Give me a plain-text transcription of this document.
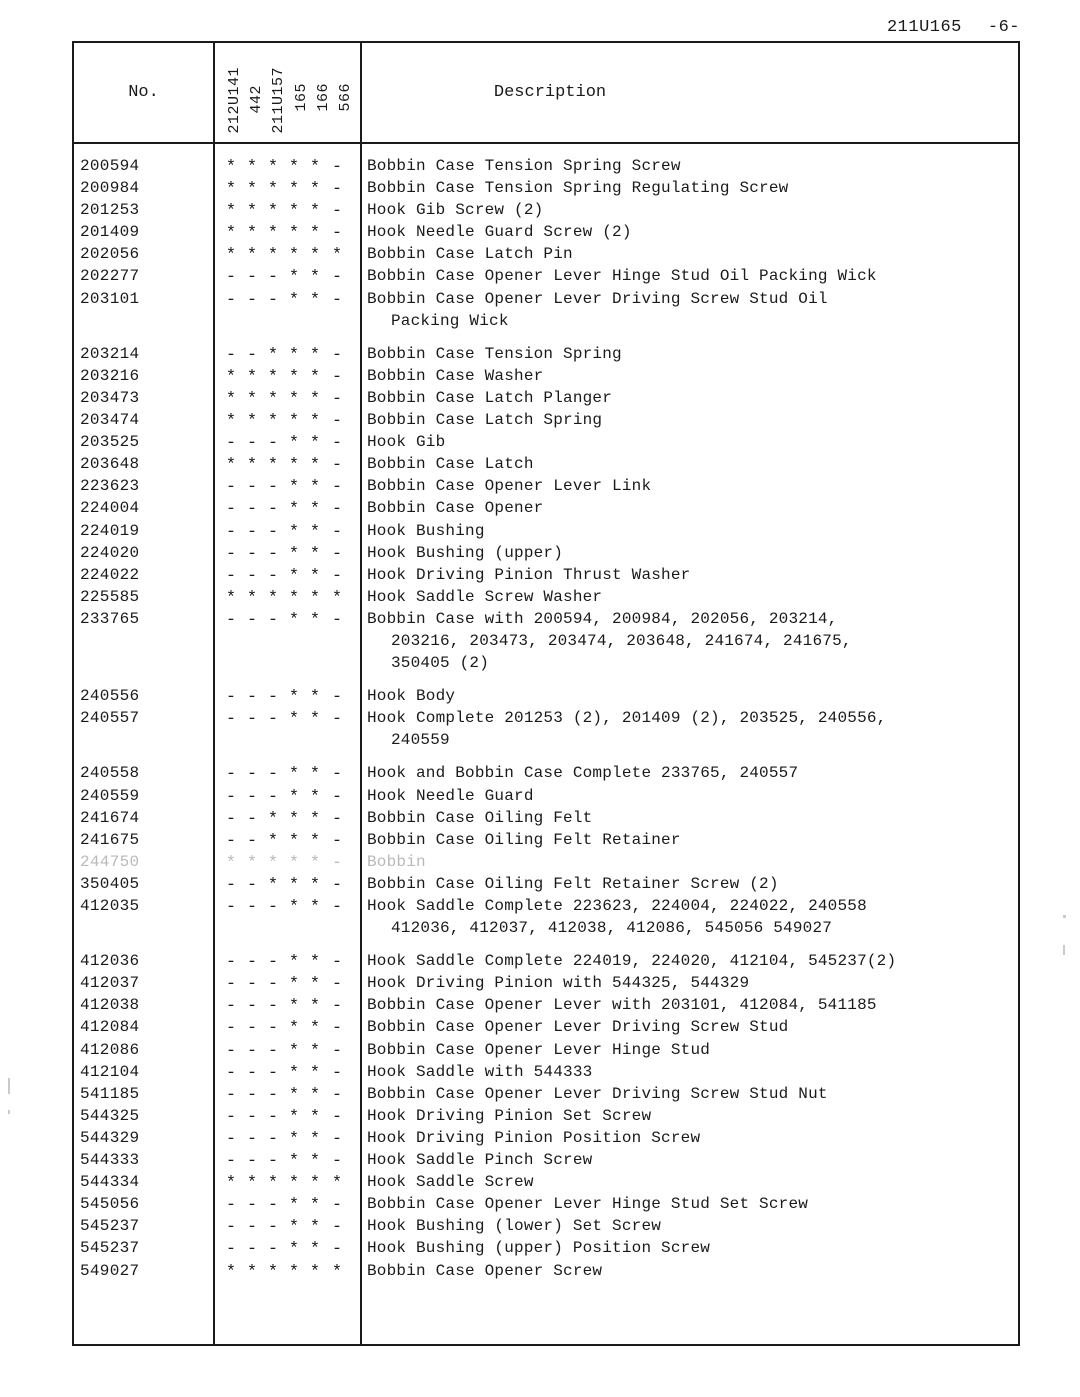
211U165 -6-
No.	212U141 442 211U157 165 166 566	Description
200594	* * * * * - Bobbin Case Tension Spring Screw
200984	* * * * * - Bobbin Case Tension Spring Regulating Screw
201253	* * * * * - Hook Gib Screw (2)
201409	* * * * * - Hook Needle Guard Screw (2)
202056	* * * * * * Bobbin Case Latch Pin
202277	- - - * * - Bobbin Case Opener Lever Hinge Stud Oil Packing Wick
203101	- - - * * - Bobbin Case Opener Lever Driving Screw Stud Oil
Packing Wick
203214	- - * * * - Bobbin Case Tension Spring
203216	* * * * * - Bobbin Case Washer
203473	* * * * * - Bobbin Case Latch Planger
203474	* * * * * - Bobbin Case Latch Spring
203525	- - - * * - Hook Gib
203648	* * * * * - Bobbin Case Latch
223623	- - - * * - Bobbin Case Opener Lever Link
224004	- - - * * - Bobbin Case Opener
224019	- - - * * - Hook Bushing
224020	- - - * * - Hook Bushing (upper)
224022	- - - * * - Hook Driving Pinion Thrust Washer
225585	* * * * * * Hook Saddle Screw Washer
233765	- - - * * - Bobbin Case with 200594, 200984, 202056, 203214,
203216, 203473, 203474, 203648, 241674, 241675,
350405 (2)
240556	- - - * * - Hook Body
240557	- - - * * - Hook Complete 201253 (2), 201409 (2), 203525, 240556,
240559
240558	- - - * * - Hook and Bobbin Case Complete 233765, 240557
240559	- - - * * - Hook Needle Guard
241674	- - * * * - Bobbin Case Oiling Felt
241675	- - * * * - Bobbin Case Oiling Felt Retainer
244750	* * * * * - Bobbin
350405	- - * * * - Bobbin Case Oiling Felt Retainer Screw (2)
412035	- - - * * - Hook Saddle Complete 223623, 224004, 224022, 240558
412036, 412037, 412038, 412086, 545056 549027
412036	- - - * * - Hook Saddle Complete 224019, 224020, 412104, 545237(2)
412037	- - - * * - Hook Driving Pinion with 544325, 544329
412038	- - - * * - Bobbin Case Opener Lever with 203101, 412084, 541185
412084	- - - * * - Bobbin Case Opener Lever Driving Screw Stud
412086	- - - * * - Bobbin Case Opener Lever Hinge Stud
412104	- - - * * - Hook Saddle with 544333
541185	- - - * * - Bobbin Case Opener Lever Driving Screw Stud Nut
544325	- - - * * - Hook Driving Pinion Set Screw
544329	- - - * * - Hook Driving Pinion Position Screw
544333	- - - * * - Hook Saddle Pinch Screw
544334	* * * * * * Hook Saddle Screw
545056	- - - * * - Bobbin Case Opener Lever Hinge Stud Set Screw
545237	- - - * * - Hook Bushing (lower) Set Screw
545237	- - - * * - Hook Bushing (upper) Position Screw
549027	* * * * * * Bobbin Case Opener Screw
